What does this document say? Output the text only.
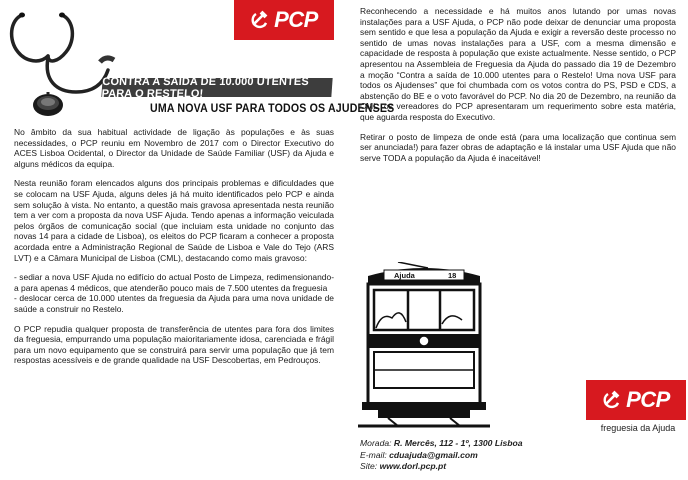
PCP
CONTRA A SAÍDA DE 10.000 UTENTES PARA O RESTELO!
UMA NOVA USF PARA TODOS OS AJUDENSES

No âmbito da sua habitual actividade de ligação às populações e às suas necessidades, o PCP reuniu em Novembro de 2017 com o Director Executivo do ACES Lisboa Ocidental, o Director da Unidade de Saúde Familiar (USF) da Ajuda e alguns médicos da equipa.

Nesta reunião foram elencados alguns dos principais problemas e dificuldades que se colocam na USF Ajuda, alguns deles já há muito identificados pelo PCP e ainda sem solução à vista. No entanto, a questão mais gravosa apresentada nesta reunião tem a ver com a proposta da nova USF Ajuda. Tendo apenas a informação veiculada pelos órgãos de comunicação social (que incluiam esta unidade no conjunto das novas 14 para a cidade de Lisboa), os eleitos do PCP ficaram a conhecer a proposta acordada entre a Administração Regional de Saúde de Lisboa e Vale do Tejo (ARS LVT) e a Câmara Municipal de Lisboa (CML), destacando como mais gravoso:

- sediar a nova USF Ajuda no edifício do actual Posto de Limpeza, redimensionando-a para apenas 4 médicos, que atenderão pouco mais de 7.500 utentes da freguesia

- deslocar cerca de 10.000 utentes da freguesia da Ajuda para uma nova unidade de saúde a construir no Restelo.

O PCP repudia qualquer proposta de transferência de utentes para fora dos limites da freguesia, empurrando uma população maioritariamente idosa, carenciada e frágil para um novo equipamento que se construirá para servir uma população que já tem respostas acessíveis e de grande qualidade na USF Descobertas, em Pedrouços.

Reconhecendo a necessidade e há muitos anos lutando por umas novas instalações para a USF Ajuda, o PCP não pode deixar de denunciar uma proposta sem sentido e que lesa a população da Ajuda e exigir a reversão deste processo no sentido de umas novas instalações para a USF, com a mesma dimensão e capacidade de resposta à população que existe actualmente. Nesse sentido, o PCP apresentou na Assembleia de Freguesia da Ajuda do passado dia 19 de Dezembro a moção “Contra a saída de 10.000 utentes para o Restelo! Uma nova USF para todos os Ajudenses” que foi chumbada com os votos contra do PS, PSD e CDS, a abstenção do BE e o voto favorável do PCP. No dia 20 de Dezembro, na reunião da CML, os vereadores do PCP apresentaram um requerimento sobre esta matéria, que aguarda resposta do Executivo.

Retirar o posto de limpeza de onde está (para uma localização que continua sem ser anunciada!) para fazer obras de adaptação e lá instalar uma USF Ajuda que não serve TODA a população da Ajuda é inaceitável!

Ajuda	18
Morada: R. Mercês, 112 - 1º, 1300 Lisboa
E-mail: cduajuda@gmail.com
Site: www.dorl.pcp.pt
PCP
freguesia da Ajuda
